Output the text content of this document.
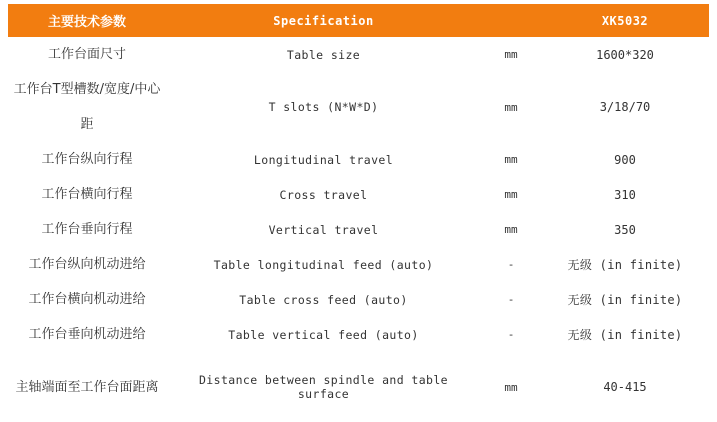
主要技术参数	Specification		XK5032
工作台面尺寸	Table size	mm	1600*320
工作台T型槽数/宽度/中心距	T slots (N*W*D)	mm	3/18/70
工作台纵向行程	Longitudinal travel	mm	900
工作台横向行程	Cross travel	mm	310
工作台垂向行程	Vertical travel	mm	350
工作台纵向机动进给	Table longitudinal feed (auto)	-	无级 (in finite)
工作台横向机动进给	Table cross feed (auto)	-	无级 (in finite)
工作台垂向机动进给	Table vertical feed (auto)	-	无级 (in finite)
主轴端面至工作台面距离	Distance between spindle and table surface	mm	40-415
